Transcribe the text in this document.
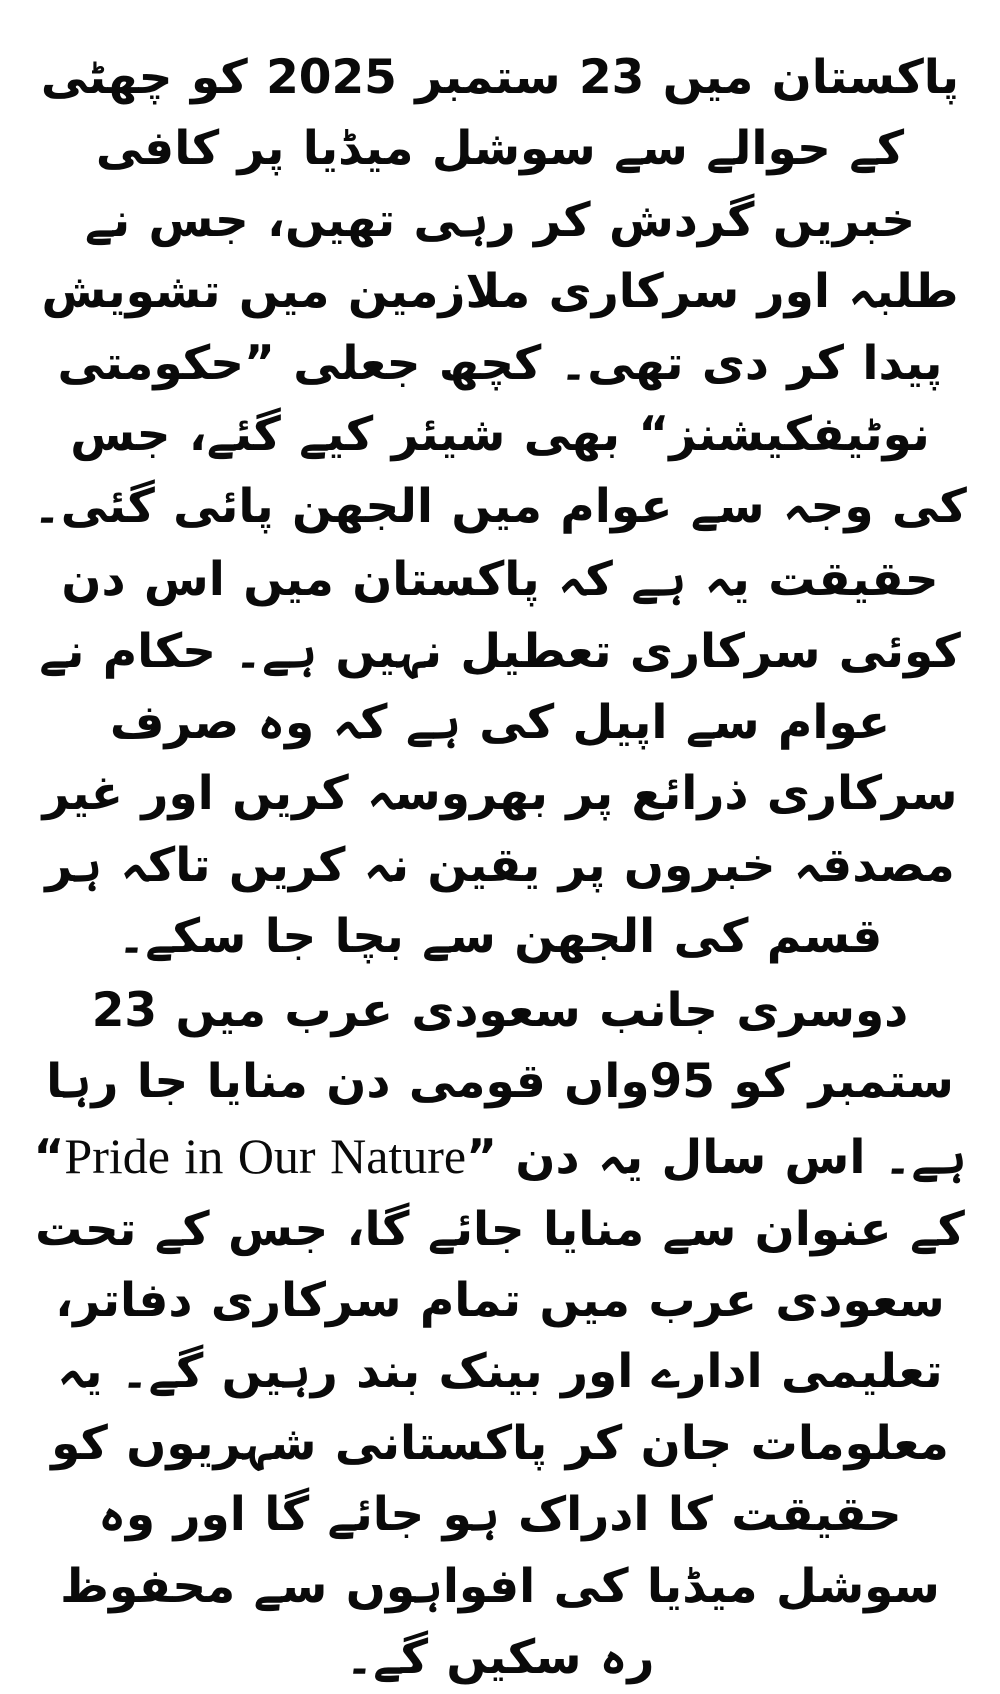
پاکستان میں 23 ستمبر 2025 کو چھٹی کے حوالے سے سوشل میڈیا پر کافی خبریں گردش کر رہی تھیں، جس نے طلبہ اور سرکاری ملازمین میں تشویش پیدا کر دی تھی۔ کچھ جعلی ”حکومتی نوٹیفکیشنز“ بھی شیئر کیے گئے، جس کی وجہ سے عوام میں الجھن پائی گئی۔

حقیقت یہ ہے کہ پاکستان میں اس دن کوئی سرکاری تعطیل نہیں ہے۔ حکام نے عوام سے اپیل کی ہے کہ وہ صرف سرکاری ذرائع پر بھروسہ کریں اور غیر مصدقہ خبروں پر یقین نہ کریں تاکہ ہر قسم کی الجھن سے بچا جا سکے۔

دوسری جانب سعودی عرب میں 23 ستمبر کو 95واں قومی دن منایا جا رہا ہے۔ اس سال یہ دن ”Pride in Our Nature“ کے عنوان سے منایا جائے گا، جس کے تحت سعودی عرب میں تمام سرکاری دفاتر، تعلیمی ادارے اور بینک بند رہیں گے۔ یہ معلومات جان کر پاکستانی شہریوں کو حقیقت کا ادراک ہو جائے گا اور وہ سوشل میڈیا کی افواہوں سے محفوظ رہ سکیں گے۔
